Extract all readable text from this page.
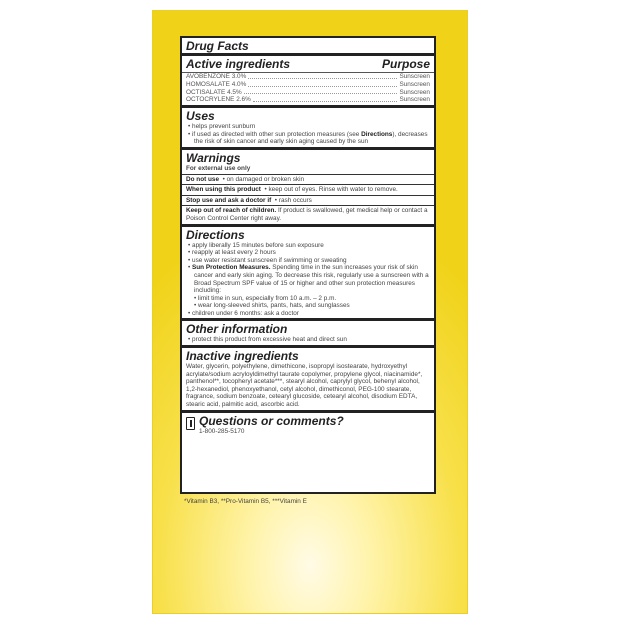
Drug Facts
Active ingredients	Purpose
AVOBENZONE 3.0%	Sunscreen
HOMOSALATE 4.0%	Sunscreen
OCTISALATE 4.5%	Sunscreen
OCTOCRYLENE 2.6%	Sunscreen
Uses
• helps prevent sunburn
• if used as directed with other sun protection measures (see Directions), decreases the risk of skin cancer and early skin aging caused by the sun
Warnings
For external use only
Do not use  • on damaged or broken skin
When using this product  • keep out of eyes. Rinse with water to remove.
Stop use and ask a doctor if  • rash occurs
Keep out of reach of children. If product is swallowed, get medical help or contact a Poison Control Center right away.
Directions
• apply liberally 15 minutes before sun exposure
• reapply at least every 2 hours
• use water resistant sunscreen if swimming or sweating
• Sun Protection Measures. Spending time in the sun increases your risk of skin cancer and early skin aging. To decrease this risk, regularly use a sunscreen with a Broad Spectrum SPF value of 15 or higher and other sun protection measures including:
• limit time in sun, especially from 10 a.m. – 2 p.m.
• wear long-sleeved shirts, pants, hats, and sunglasses
• children under 6 months: ask a doctor
Other information
• protect this product from excessive heat and direct sun
Inactive ingredients
Water, glycerin, polyethylene, dimethicone, isopropyl isostearate, hydroxyethyl acrylate/sodium acryloyldimethyl taurate copolymer, propylene glycol, niacinamide*, panthenol**, tocopheryl acetate***, stearyl alcohol, caprylyl glycol, behenyl alcohol, 1,2-hexanediol, phenoxyethanol, cetyl alcohol, dimethiconol, PEG-100 stearate, fragrance, sodium benzoate, cetearyl glucoside, cetearyl alcohol, disodium EDTA, stearic acid, palmitic acid, ascorbic acid.
Questions or comments?
1-800-285-5170
*Vitamin B3, **Pro-Vitamin B5, ***Vitamin E
